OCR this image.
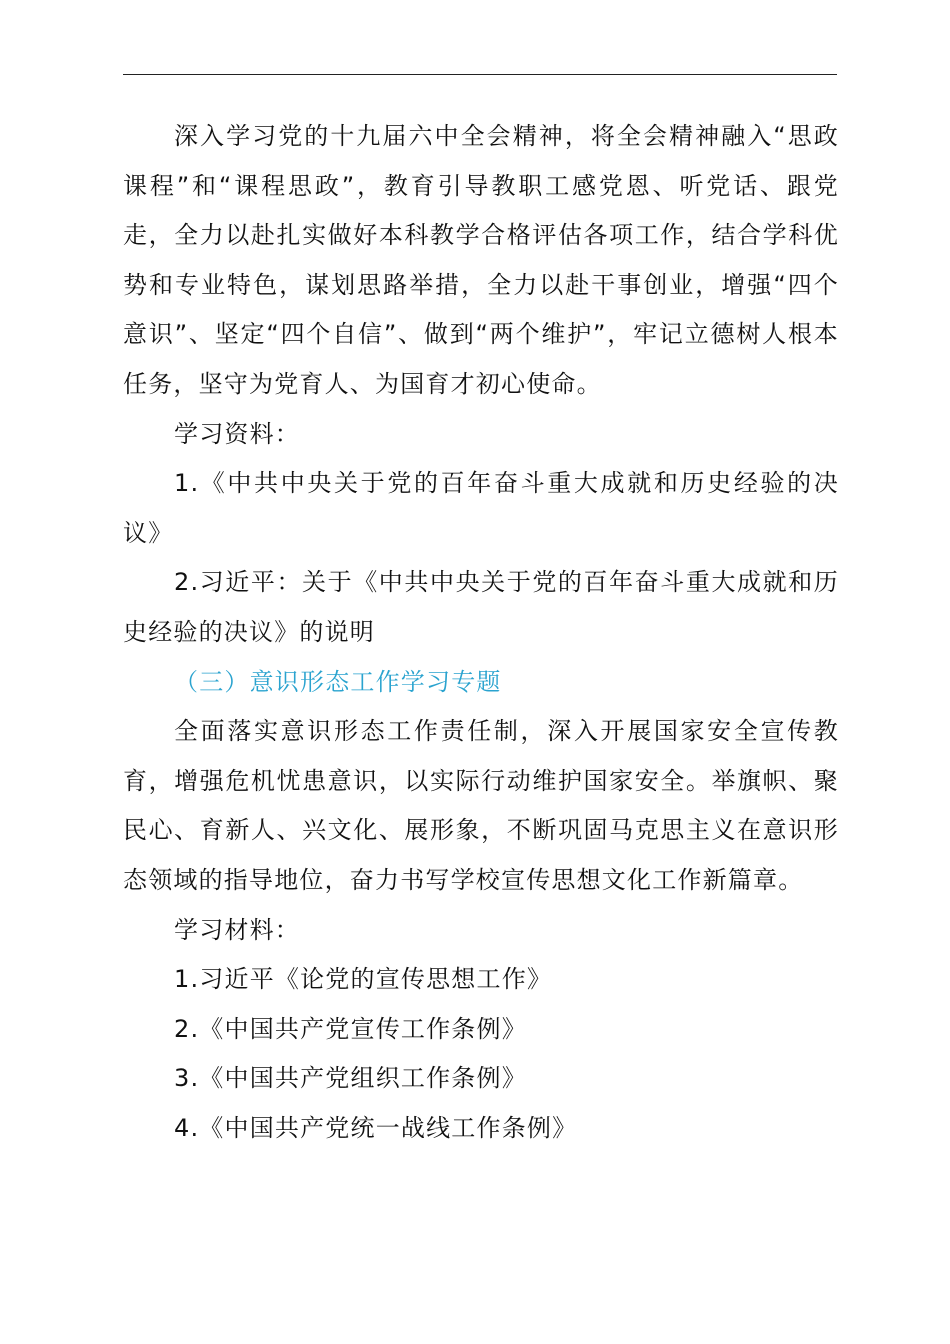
深入学习党的十九届六中全会精神，将全会精神融入“思政课程”和“课程思政”，教育引导教职工感党恩、听党话、跟党走，全力以赴扎实做好本科教学合格评估各项工作，结合学科优势和专业特色，谋划思路举措，全力以赴干事创业，增强“四个意识”、坚定“四个自信”、做到“两个维护”，牢记立德树人根本任务，坚守为党育人、为国育才初心使命。

学习资料：

1.《中共中央关于党的百年奋斗重大成就和历史经验的决议》

2.习近平：关于《中共中央关于党的百年奋斗重大成就和历史经验的决议》的说明

（三）意识形态工作学习专题

全面落实意识形态工作责任制，深入开展国家安全宣传教育，增强危机忧患意识，以实际行动维护国家安全。举旗帜、聚民心、育新人、兴文化、展形象，不断巩固马克思主义在意识形态领域的指导地位，奋力书写学校宣传思想文化工作新篇章。

学习材料：

1.习近平《论党的宣传思想工作》

2.《中国共产党宣传工作条例》

3.《中国共产党组织工作条例》

4.《中国共产党统一战线工作条例》
